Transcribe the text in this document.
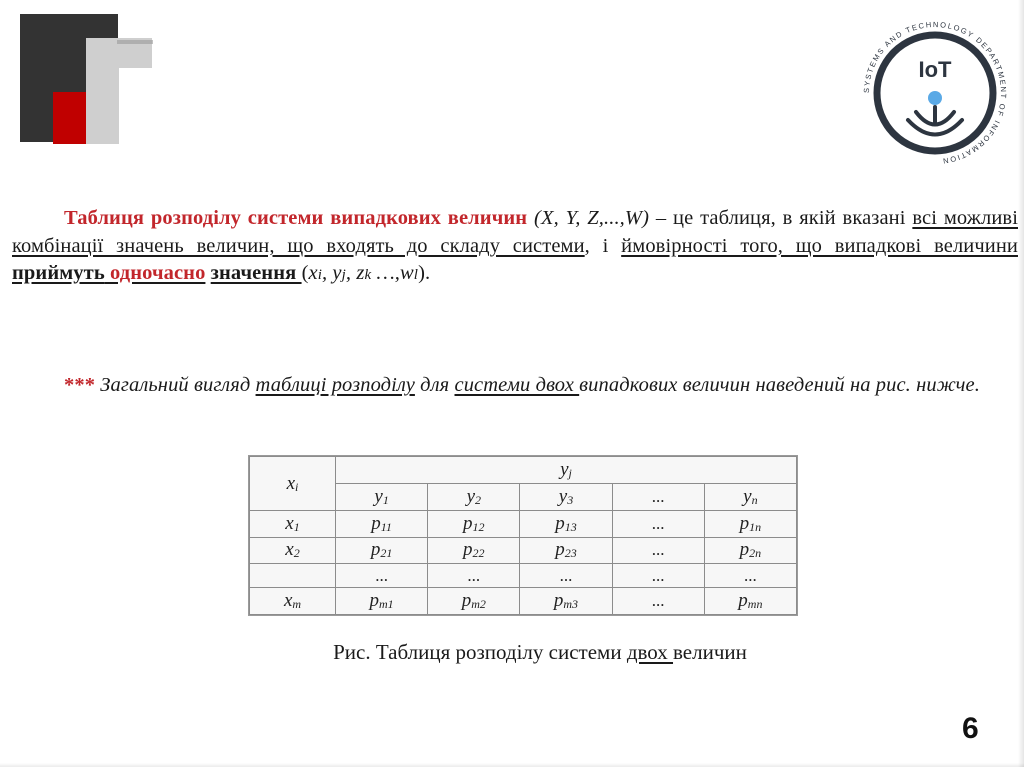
SYSTEMS AND TECHNOLOGY DEPARTMENT OF INFORMATION
IoT
Таблиця розподілу системи випадкових величин (X, Y, Z,...,W) – це таблиця, в якій вказані всі можливі комбінації значень величин, що входять до складу системи, і ймовірності того, що випадкові величини приймуть одночасно значення (xi, yj, zk …,wl).
*** Загальний вигляд таблиці розподілу для системи двох випадкових величин наведений на рис. нижче.
xi	yj				
	y1	y2	y3	...	yn
x1	p11	p12	p13	...	p1n
x2	p21	p22	p23	...	p2n
	...	...	...	...	...
xm	pm1	pm2	pm3	...	pmn
Рис. Таблиця розподілу системи двох величин
6
